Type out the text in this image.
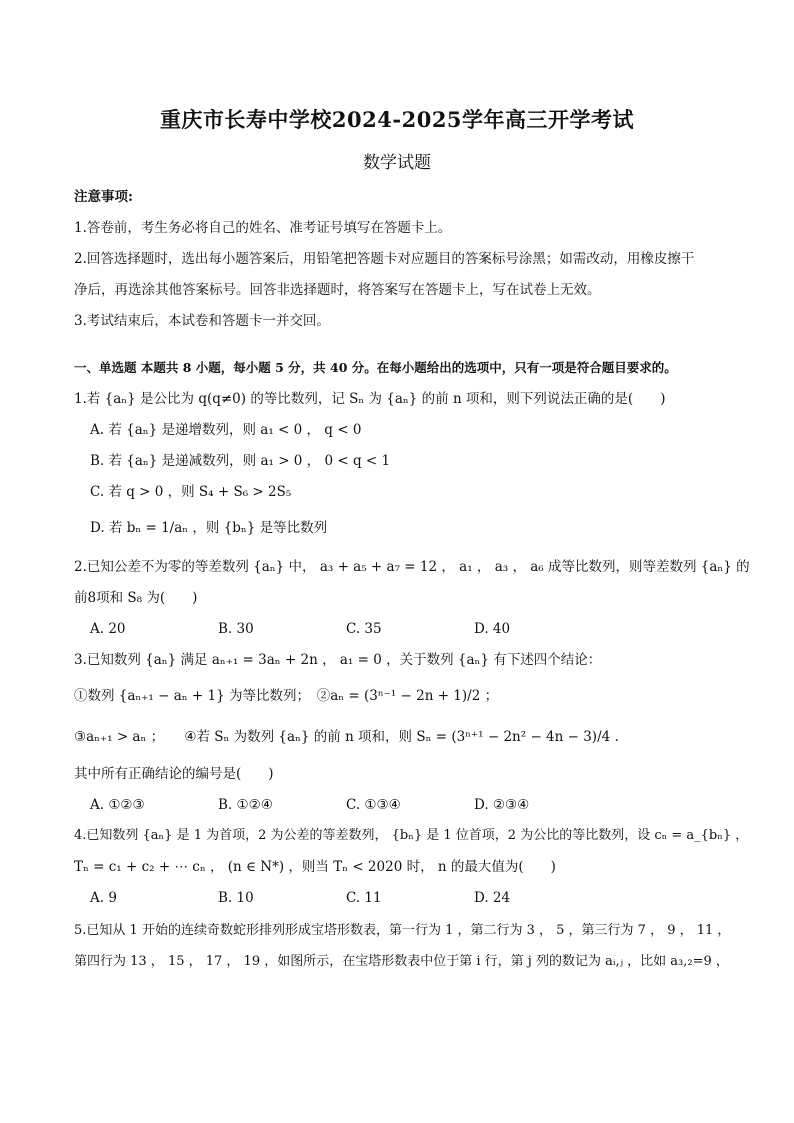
重庆市长寿中学校2024-2025学年高三开学考试
数学试题
注意事项:
1.答卷前，考生务必将自己的姓名、准考证号填写在答题卡上。
2.回答选择题时，选出每小题答案后，用铅笔把答题卡对应题目的答案标号涂黑；如需改动，用橡皮擦干
净后，再选涂其他答案标号。回答非选择题时，将答案写在答题卡上，写在试卷上无效。
3.考试结束后，本试卷和答题卡一并交回。
一、单选题 本题共 8 小题，每小题 5 分，共 40 分。在每小题给出的选项中，只有一项是符合题目要求的。
1.若 {aₙ} 是公比为 q(q≠0) 的等比数列，记 Sₙ 为 {aₙ} 的前 n 项和，则下列说法正确的是(　　)
A. 若 {aₙ} 是递增数列，则 a₁ < 0 ， q < 0
B. 若 {aₙ} 是递减数列，则 a₁ > 0 ， 0 < q < 1
C. 若 q > 0 ，则 S₄ + S₆ > 2S₅
D. 若 bₙ = 1/aₙ ，则 {bₙ} 是等比数列
2.已知公差不为零的等差数列 {aₙ} 中， a₃ + a₅ + a₇ = 12 ， a₁ ， a₃ ， a₆ 成等比数列，则等差数列 {aₙ} 的
前8项和 S₈ 为(　　)
A. 20	B. 30	C. 35	D. 40
3.已知数列 {aₙ} 满足 aₙ₊₁ = 3aₙ + 2n ， a₁ = 0 ，关于数列 {aₙ} 有下述四个结论：
①数列 {aₙ₊₁ − aₙ + 1} 为等比数列；　②aₙ = (3ⁿ⁻¹ − 2n + 1)/2 ；
③aₙ₊₁ > aₙ ；　　④若 Sₙ 为数列 {aₙ} 的前 n 项和，则 Sₙ = (3ⁿ⁺¹ − 2n² − 4n − 3)/4 .
其中所有正确结论的编号是(　　)
A. ①②③	B. ①②④	C. ①③④	D. ②③④
4.已知数列 {aₙ} 是 1 为首项，2 为公差的等差数列， {bₙ} 是 1 位首项，2 为公比的等比数列，设 cₙ = a_{bₙ} ，
Tₙ = c₁ + c₂ + ⋯ cₙ ， (n ∈ N*) ，则当 Tₙ < 2020 时， n 的最大值为(　　)
A. 9	B. 10	C. 11	D. 24
5.已知从 1 开始的连续奇数蛇形排列形成宝塔形数表，第一行为 1 ，第二行为 3 ， 5 ，第三行为 7 ， 9 ， 11 ，
第四行为 13 ， 15 ， 17 ， 19 ，如图所示，在宝塔形数表中位于第 i 行，第 j 列的数记为 aᵢ,ⱼ ，比如 a₃,₂=9 ，
